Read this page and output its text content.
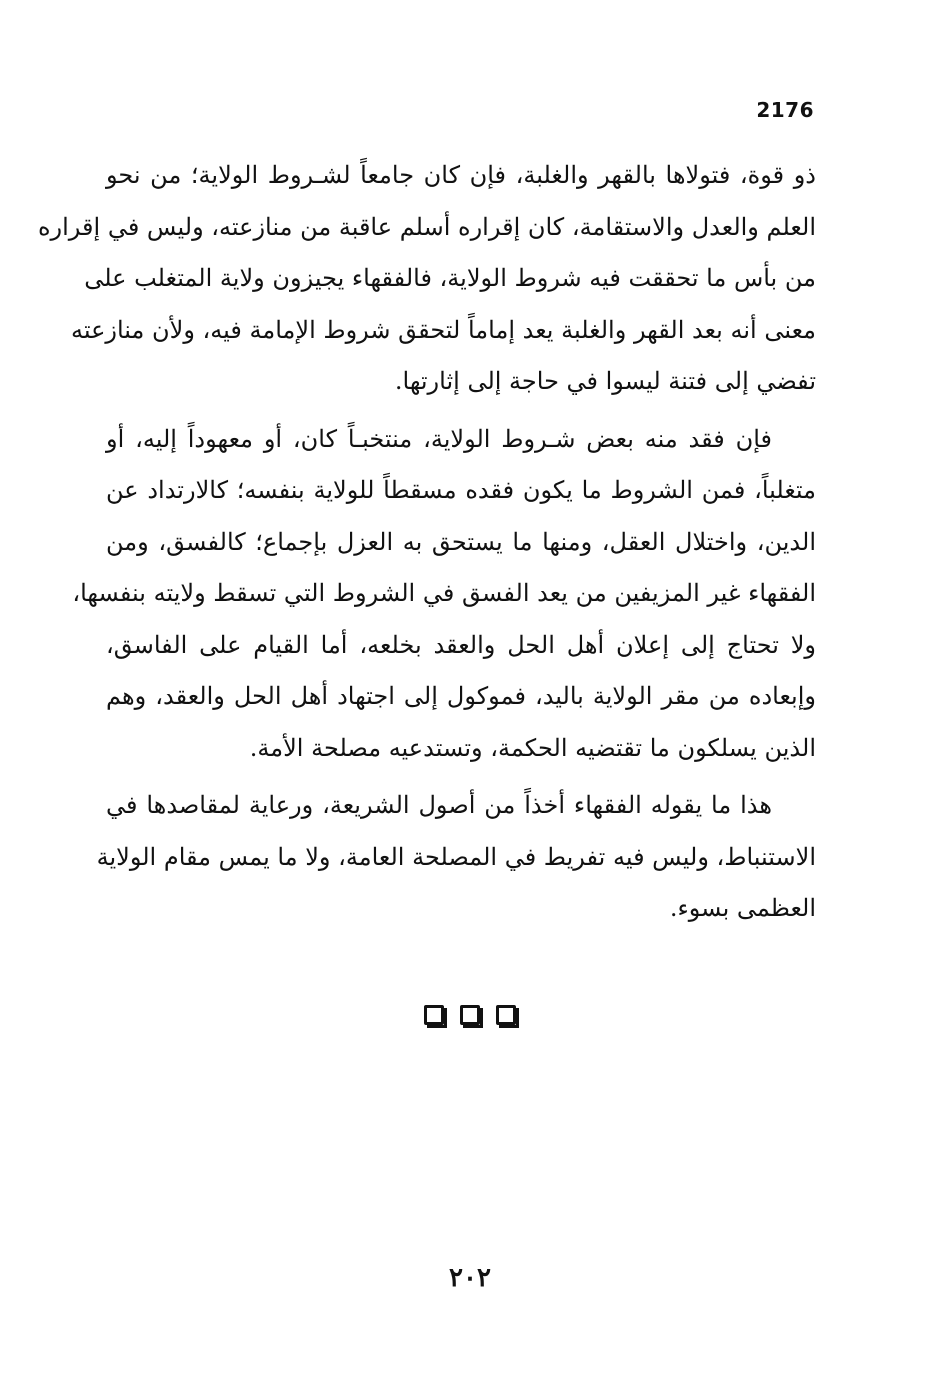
2176
ذو قوة، فتولاها بالقهر والغلبة، فإن كان جامعاً لشـروط الولاية؛ من نحو
العلم والعدل والاستقامة، كان إقراره أسلم عاقبة من منازعته، وليس في إقراره
من بأس ما تحققت فيه شروط الولاية، فالفقهاء يجيزون ولاية المتغلب على
معنى أنه بعد القهر والغلبة يعد إماماً لتحقق شروط الإمامة فيه، ولأن منازعته
تفضي إلى فتنة ليسوا في حاجة إلى إثارتها.
فإن فقد منه بعض شـروط الولاية، منتخبـاً كان، أو معهوداً إليه، أو
متغلباً، فمن الشروط ما يكون فقده مسقطاً للولاية بنفسه؛ كالارتداد عن
الدين، واختلال العقل، ومنها ما يستحق به العزل بإجماع؛ كالفسق، ومن
الفقهاء غير المزيفين من يعد الفسق في الشروط التي تسقط ولايته بنفسها،
ولا تحتاج إلى إعلان أهل الحل والعقد بخلعه، أما القيام على الفاسق،
وإبعاده من مقر الولاية باليد، فموكول إلى اجتهاد أهل الحل والعقد، وهم
الذين يسلكون ما تقتضيه الحكمة، وتستدعيه مصلحة الأمة.
هذا ما يقوله الفقهاء أخذاً من أصول الشريعة، ورعاية لمقاصدها في
الاستنباط، وليس فيه تفريط في المصلحة العامة، ولا ما يمس مقام الولاية
العظمى بسوء.
٢٠٢
